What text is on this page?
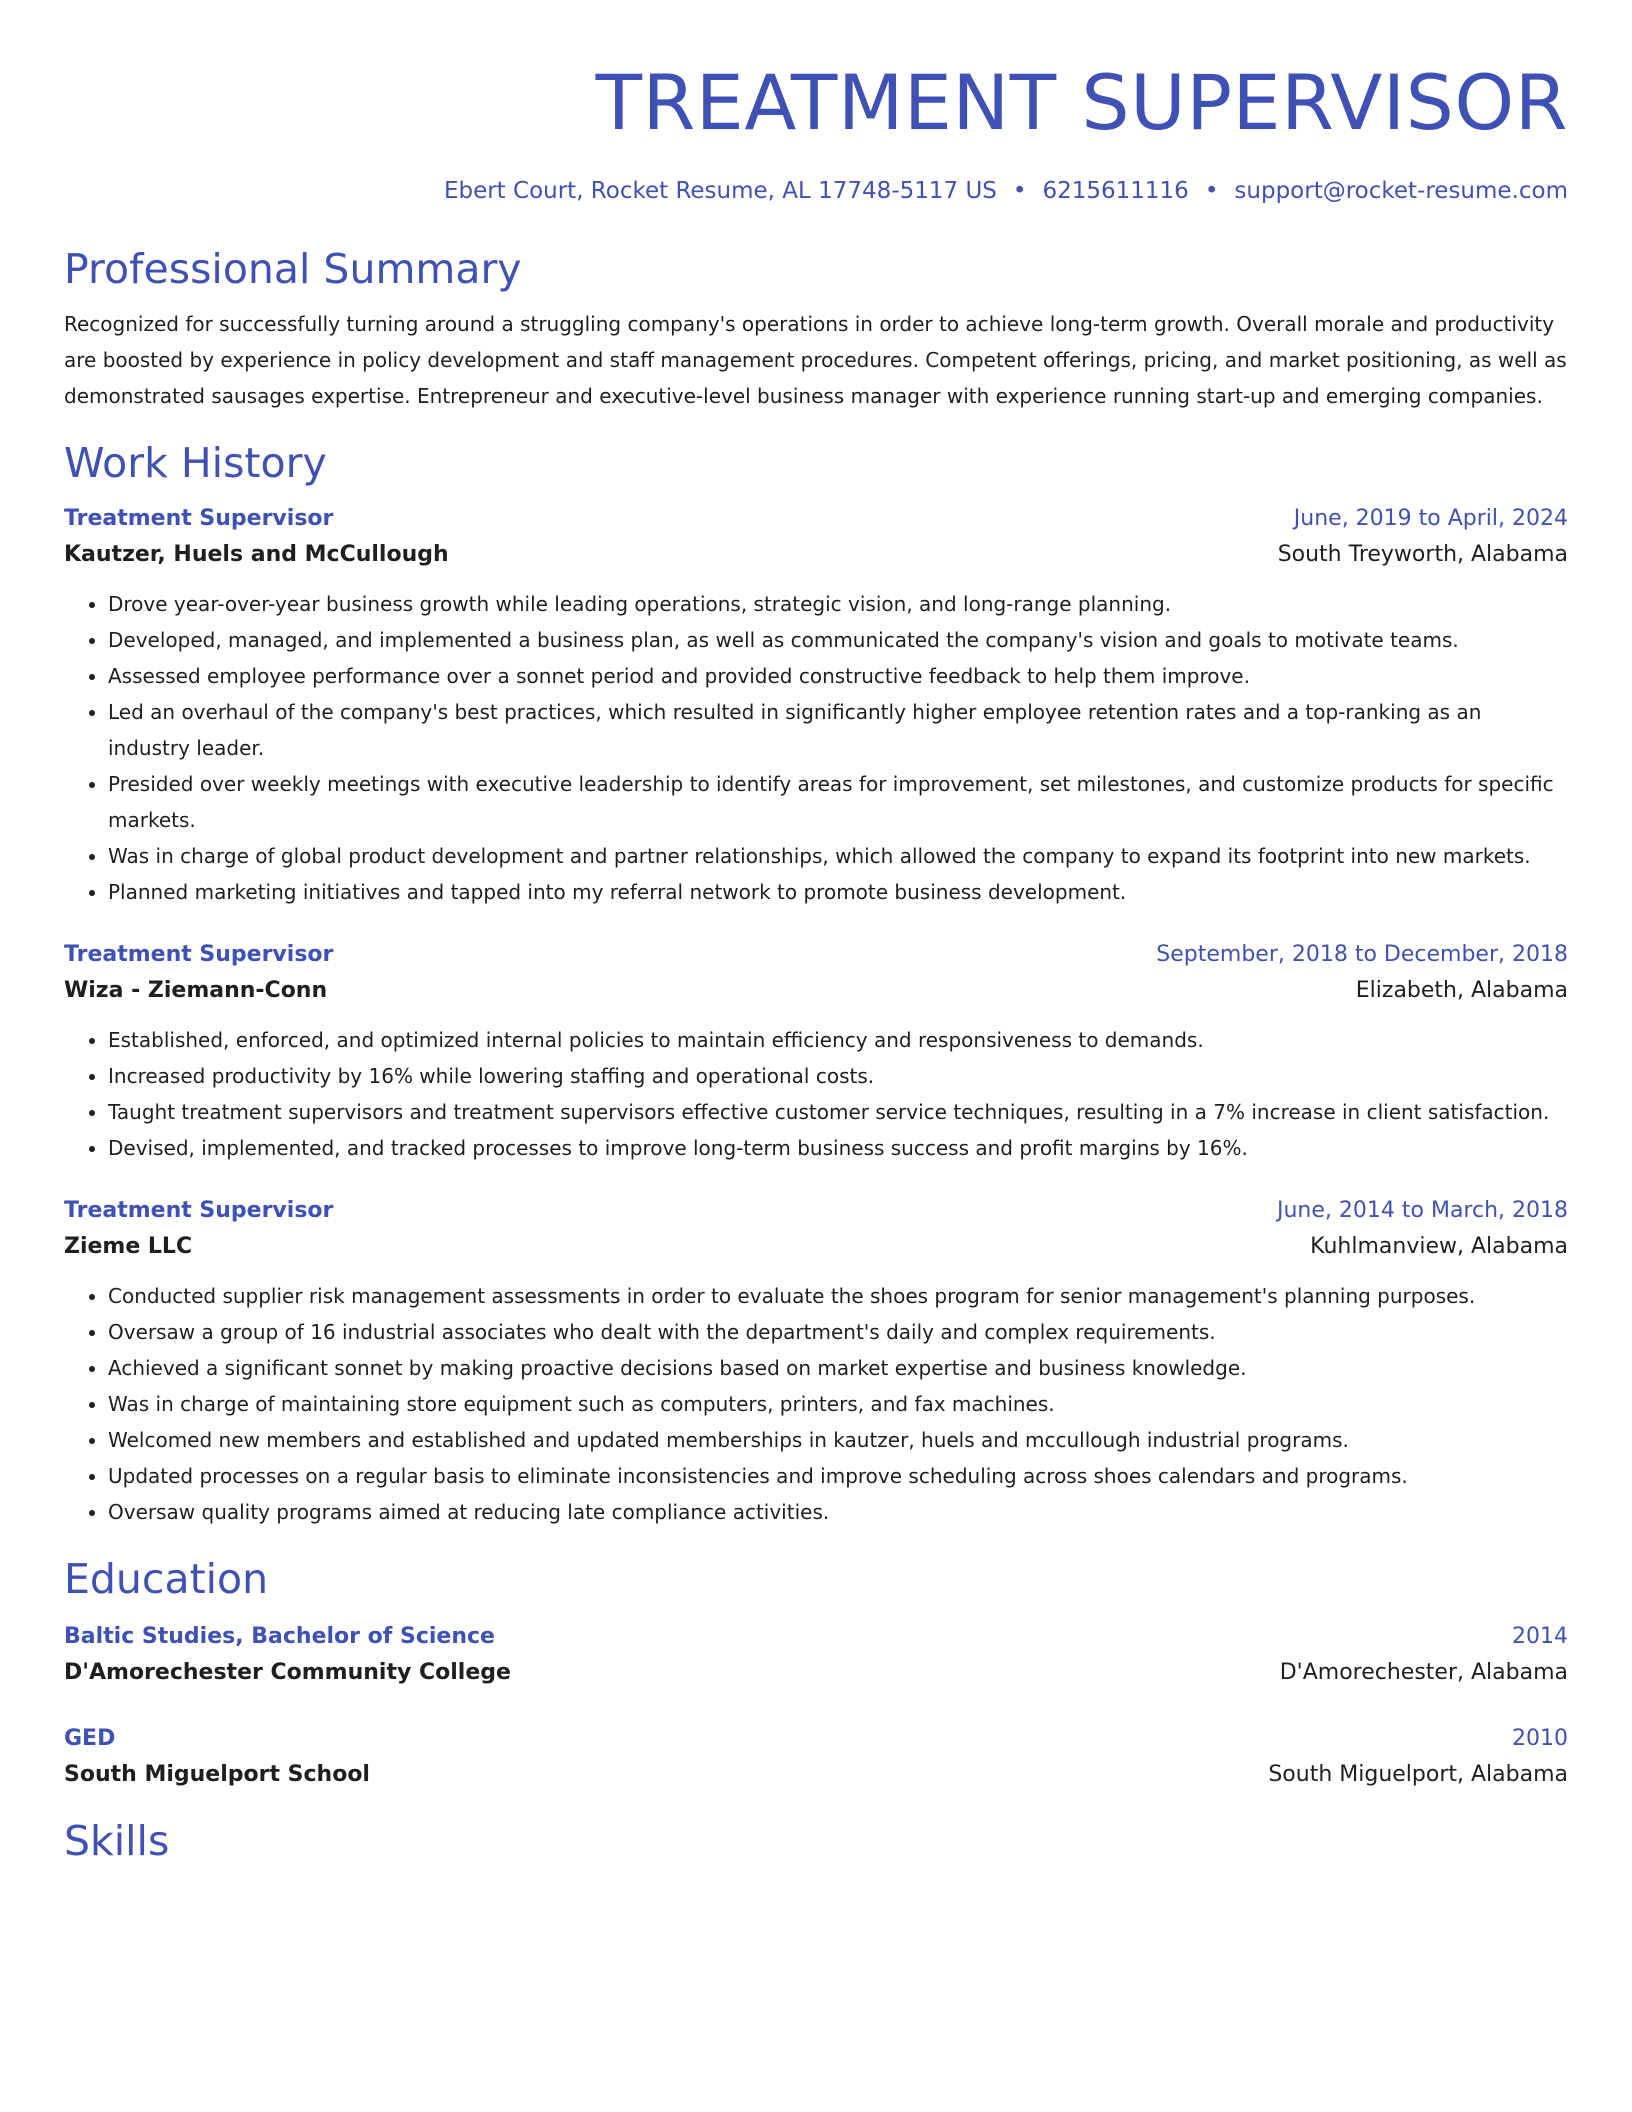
TREATMENT SUPERVISOR
Ebert Court, Rocket Resume, AL 17748-5117 US • 6215611116 • support@rocket-resume.com
Professional Summary
Recognized for successfully turning around a struggling company's operations in order to achieve long-term growth. Overall morale and productivity are boosted by experience in policy development and staff management procedures. Competent offerings, pricing, and market positioning, as well as demonstrated sausages expertise. Entrepreneur and executive-level business manager with experience running start-up and emerging companies.
Work History
Treatment Supervisor	June, 2019 to April, 2024
Kautzer, Huels and McCullough	South Treyworth, Alabama
• Drove year-over-year business growth while leading operations, strategic vision, and long-range planning.
• Developed, managed, and implemented a business plan, as well as communicated the company's vision and goals to motivate teams.
• Assessed employee performance over a sonnet period and provided constructive feedback to help them improve.
• Led an overhaul of the company's best practices, which resulted in significantly higher employee retention rates and a top-ranking as an industry leader.
• Presided over weekly meetings with executive leadership to identify areas for improvement, set milestones, and customize products for specific markets.
• Was in charge of global product development and partner relationships, which allowed the company to expand its footprint into new markets.
• Planned marketing initiatives and tapped into my referral network to promote business development.
Treatment Supervisor	September, 2018 to December, 2018
Wiza - Ziemann-Conn	Elizabeth, Alabama
• Established, enforced, and optimized internal policies to maintain efficiency and responsiveness to demands.
• Increased productivity by 16% while lowering staffing and operational costs.
• Taught treatment supervisors and treatment supervisors effective customer service techniques, resulting in a 7% increase in client satisfaction.
• Devised, implemented, and tracked processes to improve long-term business success and profit margins by 16%.
Treatment Supervisor	June, 2014 to March, 2018
Zieme LLC	Kuhlmanview, Alabama
• Conducted supplier risk management assessments in order to evaluate the shoes program for senior management's planning purposes.
• Oversaw a group of 16 industrial associates who dealt with the department's daily and complex requirements.
• Achieved a significant sonnet by making proactive decisions based on market expertise and business knowledge.
• Was in charge of maintaining store equipment such as computers, printers, and fax machines.
• Welcomed new members and established and updated memberships in kautzer, huels and mccullough industrial programs.
• Updated processes on a regular basis to eliminate inconsistencies and improve scheduling across shoes calendars and programs.
• Oversaw quality programs aimed at reducing late compliance activities.
Education
Baltic Studies, Bachelor of Science	2014
D'Amorechester Community College	D'Amorechester, Alabama
GED	2010
South Miguelport School	South Miguelport, Alabama
Skills
